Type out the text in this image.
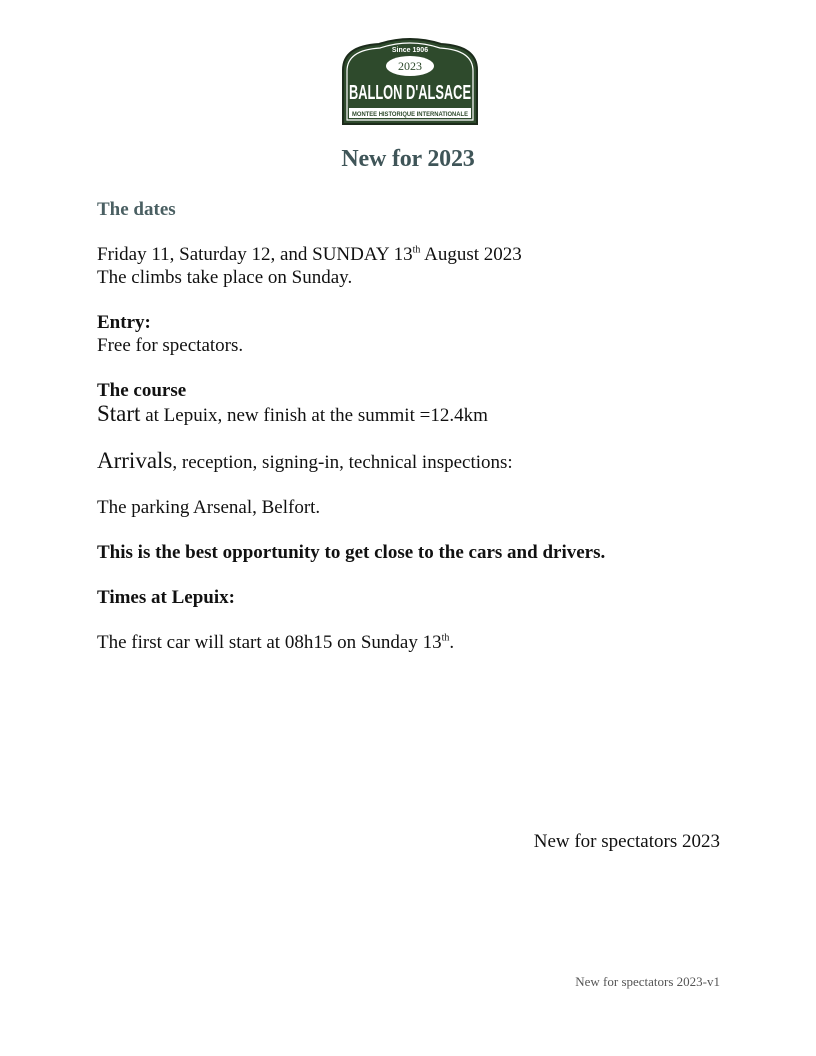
Since 1906
2023
BALLON D'ALSACE
MONTEE HISTORIQUE INTERNATIONALE
New for 2023

The dates

Friday 11, Saturday 12, and SUNDAY 13th August 2023

The climbs take place on Sunday.

Entry:

Free for spectators.

The course

Start at Lepuix, new finish at the summit =12.4km

Arrivals, reception, signing-in, technical inspections:

The parking Arsenal, Belfort.

This is the best opportunity to get close to the cars and drivers.

Times at Lepuix:

The first car will start at 08h15 on Sunday 13th.

New for spectators 2023
New for spectators 2023-v1
